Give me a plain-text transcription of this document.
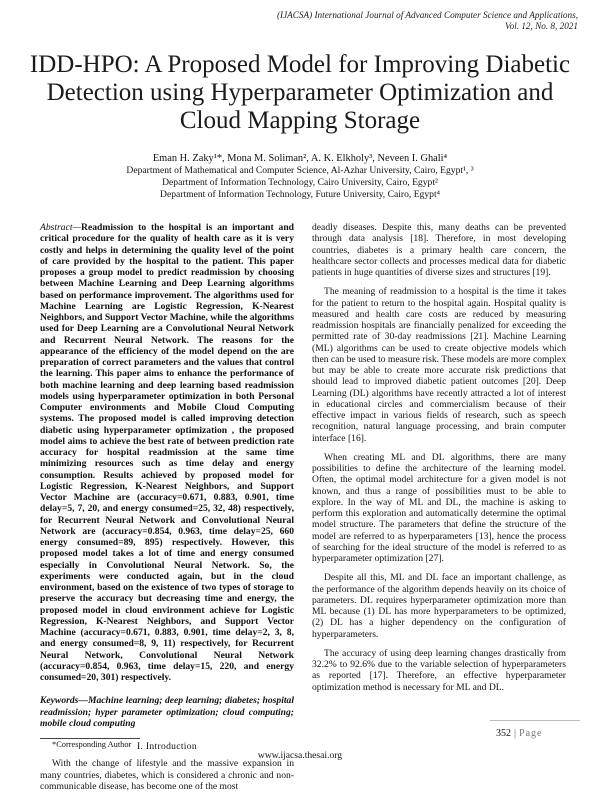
(IJACSA) International Journal of Advanced Computer Science and Applications,
Vol. 12, No. 8, 2021
IDD-HPO: A Proposed Model for Improving Diabetic Detection using Hyperparameter Optimization and Cloud Mapping Storage
Eman H. Zaky¹*, Mona M. Soliman², A. K. Elkholy³, Neveen I. Ghali⁴
Department of Mathematical and Computer Science, Al-Azhar University, Cairo, Egypt¹, ³
Department of Information Technology, Cairo University, Cairo, Egypt²
Department of Information Technology, Future University, Cairo, Egypt⁴
Abstract—Readmission to the hospital is an important and critical procedure for the quality of health care as it is very costly and helps in determining the quality level of the point of care provided by the hospital to the patient. This paper proposes a group model to predict readmission by choosing between Machine Learning and Deep Learning algorithms based on performance improvement. The algorithms used for Machine Learning are Logistic Regression, K-Nearest Neighbors, and Support Vector Machine, while the algorithms used for Deep Learning are a Convolutional Neural Network and Recurrent Neural Network. The reasons for the appearance of the efficiency of the model depend on the are preparation of correct parameters and the values that control the learning. This paper aims to enhance the performance of both machine learning and deep learning based readmission models using hyperparameter optimization in both Personal Computer environments and Mobile Cloud Computing systems. The proposed model is called improving detection diabetic using hyperparameter optimization , the proposed model aims to achieve the best rate of between prediction rate accuracy for hospital readmission at the same time minimizing resources such as time delay and energy consumption. Results achieved by proposed model for Logistic Regression, K-Nearest Neighbors, and Support Vector Machine are (accuracy=0.671, 0.883, 0.901, time delay=5, 7, 20, and energy consumed=25, 32, 48) respectively, for Recurrent Neural Network and Convolutional Neural Network are (accuracy=0.854, 0.963, time delay=25, 660 energy consumed=89, 895) respectively. However, this proposed model takes a lot of time and energy consumed especially in Convolutional Neural Network. So, the experiments were conducted again, but in the cloud environment, based on the existence of two types of storage to preserve the accuracy but decreasing time and energy, the proposed model in cloud environment achieve for Logistic Regression, K-Nearest Neighbors, and Support Vector Machine (accuracy=0.671, 0.883, 0.901, time delay=2, 3, 8, and energy consumed=8, 9, 11) respectively, for Recurrent Neural Network, Convolutional Neural Network (accuracy=0.854, 0.963, time delay=15, 220, and energy consumed=20, 301) respectively.
Keywords—Machine learning; deep learning; diabetes; hospital readmission; hyper parameter optimization; cloud computing; mobile cloud computing
I. Introduction

With the change of lifestyle and the massive expansion in many countries, diabetes, which is considered a chronic and non-communicable disease, has become one of the most

deadly diseases. Despite this, many deaths can be prevented through data analysis [18]. Therefore, in most developing countries, diabetes is a primary health care concern, the healthcare sector collects and processes medical data for diabetic patients in huge quantities of diverse sizes and structures [19].

The meaning of readmission to a hospital is the time it takes for the patient to return to the hospital again. Hospital quality is measured and health care costs are reduced by measuring readmission hospitals are financially penalized for exceeding the permitted rate of 30-day readmissions [21]. Machine Learning (ML) algorithms can be used to create objective models which then can be used to measure risk. These models are more complex but may be able to create more accurate risk predictions that should lead to improved diabetic patient outcomes [20]. Deep Learning (DL) algorithms have recently attracted a lot of interest in educational circles and commercialism because of their effective impact in various fields of research, such as speech recognition, natural language processing, and brain computer interface [16].

When creating ML and DL algorithms, there are many possibilities to define the architecture of the learning model. Often, the optimal model architecture for a given model is not known, and thus a range of possibilities must to be able to explore. In the way of ML and DL, the machine is asking to perform this exploration and automatically determine the optimal model structure. The parameters that define the structure of the model are referred to as hyperparameters [13], hence the process of searching for the ideal structure of the model is referred to as hyperparameter optimization [27].

Despite all this, ML and DL face an important challenge, as the performance of the algorithm depends heavily on its choice of parameters. DL requires hyperparameter optimization more than ML because (1) DL has more hyperparameters to be optimized, (2) DL has a higher dependency on the configuration of hyperparameters.

The accuracy of using deep learning changes drastically from 32.2% to 92.6% due to the variable selection of hyperparameters as reported [17]. Therefore, an effective hyperparameter optimization method is necessary for ML and DL.

*Corresponding Author
352 | Page
www.ijacsa.thesai.org
